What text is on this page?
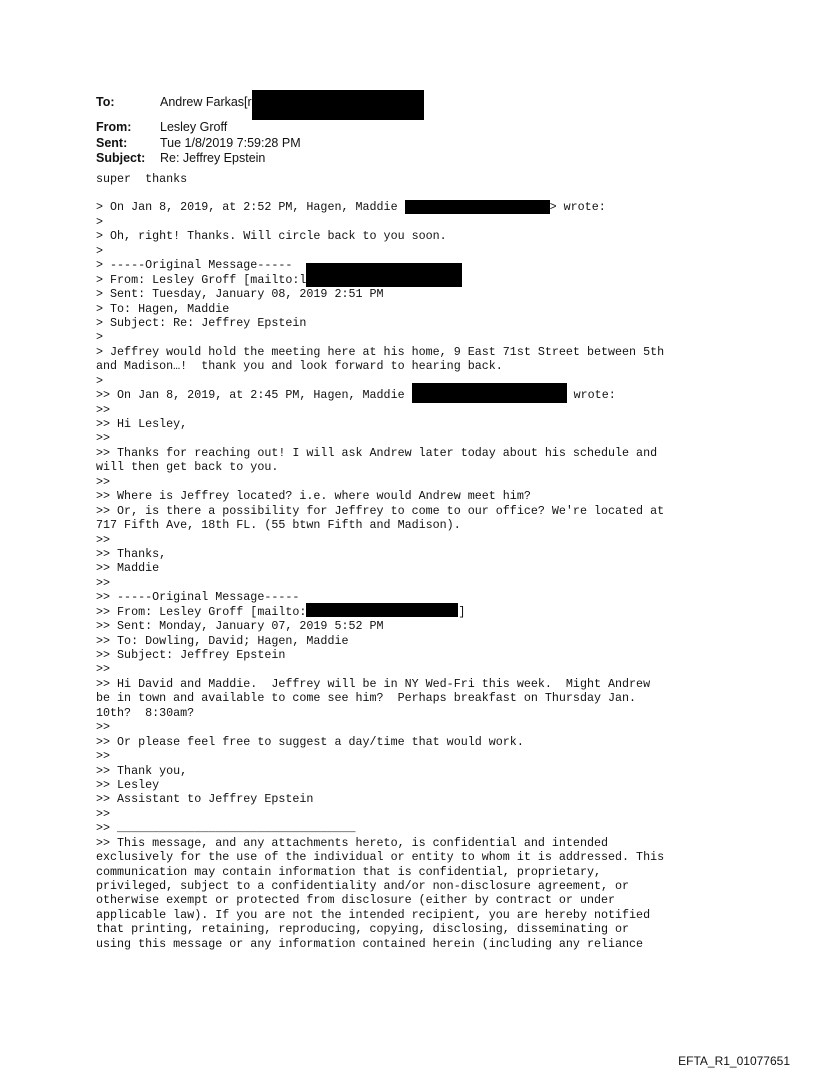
To:	Andrew Farkas[r
From:	Lesley Groff
Sent:	Tue 1/8/2019 7:59:28 PM
Subject:	Re: Jeffrey Epstein
super  thanks
> On Jan 8, 2019, at 2:52 PM, Hagen, Maddie	> wrote:
>
> Oh, right! Thanks. Will circle back to you soon.
>
> -----Original Message-----
> From: Lesley Groff [mailto:l
> Sent: Tuesday, January 08, 2019 2:51 PM
> To: Hagen, Maddie
> Subject: Re: Jeffrey Epstein
>
> Jeffrey would hold the meeting here at his home, 9 East 71st Street between 5th
and Madison…!  thank you and look forward to hearing back.
>
>> On Jan 8, 2019, at 2:45 PM, Hagen, Maddie	wrote:
>>
>> Hi Lesley,
>>
>> Thanks for reaching out! I will ask Andrew later today about his schedule and
will then get back to you.
>>
>> Where is Jeffrey located? i.e. where would Andrew meet him?
>> Or, is there a possibility for Jeffrey to come to our office? We're located at
717 Fifth Ave, 18th FL. (55 btwn Fifth and Madison).
>>
>> Thanks,
>> Maddie
>>
>> -----Original Message-----
>> From: Lesley Groff [mailto:	]
>> Sent: Monday, January 07, 2019 5:52 PM
>> To: Dowling, David; Hagen, Maddie
>> Subject: Jeffrey Epstein
>>
>> Hi David and Maddie.  Jeffrey will be in NY Wed-Fri this week.  Might Andrew
be in town and available to come see him?  Perhaps breakfast on Thursday Jan.
10th?  8:30am?
>>
>> Or please feel free to suggest a day/time that would work.
>>
>> Thank you,
>> Lesley
>> Assistant to Jeffrey Epstein
>>
>> __________________________________
>> This message, and any attachments hereto, is confidential and intended
exclusively for the use of the individual or entity to whom it is addressed. This
communication may contain information that is confidential, proprietary,
privileged, subject to a confidentiality and/or non-disclosure agreement, or
otherwise exempt or protected from disclosure (either by contract or under
applicable law). If you are not the intended recipient, you are hereby notified
that printing, retaining, reproducing, copying, disclosing, disseminating or
using this message or any information contained herein (including any reliance
EFTA_R1_01077651
